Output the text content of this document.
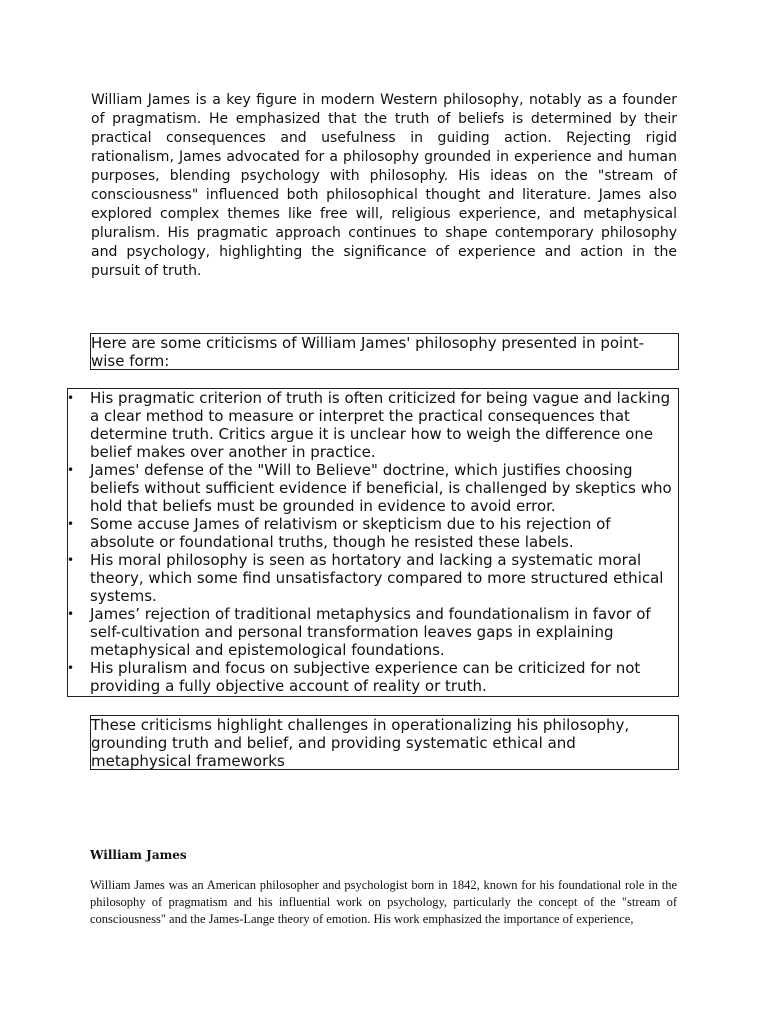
William James is a key figure in modern Western philosophy, notably as a founder of pragmatism. He emphasized that the truth of beliefs is determined by their practical consequences and usefulness in guiding action. Rejecting rigid rationalism, James advocated for a philosophy grounded in experience and human purposes, blending psychology with philosophy. His ideas on the "stream of consciousness" influenced both philosophical thought and literature. James also explored complex themes like free will, religious experience, and metaphysical pluralism. His pragmatic approach continues to shape contemporary philosophy and psychology, highlighting the significance of experience and action in the pursuit of truth.

Here are some criticisms of William James' philosophy presented in point-wise form:

• His pragmatic criterion of truth is often criticized for being vague and lacking a clear method to measure or interpret the practical consequences that determine truth. Critics argue it is unclear how to weigh the difference one belief makes over another in practice.
• James' defense of the "Will to Believe" doctrine, which justifies choosing beliefs without sufficient evidence if beneficial, is challenged by skeptics who hold that beliefs must be grounded in evidence to avoid error.
• Some accuse James of relativism or skepticism due to his rejection of absolute or foundational truths, though he resisted these labels.
• His moral philosophy is seen as hortatory and lacking a systematic moral theory, which some find unsatisfactory compared to more structured ethical systems.
• James’ rejection of traditional metaphysics and foundationalism in favor of self-cultivation and personal transformation leaves gaps in explaining metaphysical and epistemological foundations.
• His pluralism and focus on subjective experience can be criticized for not providing a fully objective account of reality or truth.

These criticisms highlight challenges in operationalizing his philosophy, grounding truth and belief, and providing systematic ethical and metaphysical frameworks

William James

William James was an American philosopher and psychologist born in 1842, known for his foundational role in the philosophy of pragmatism and his influential work on psychology, particularly the concept of the "stream of consciousness" and the James-Lange theory of emotion. His work emphasized the importance of experience,
